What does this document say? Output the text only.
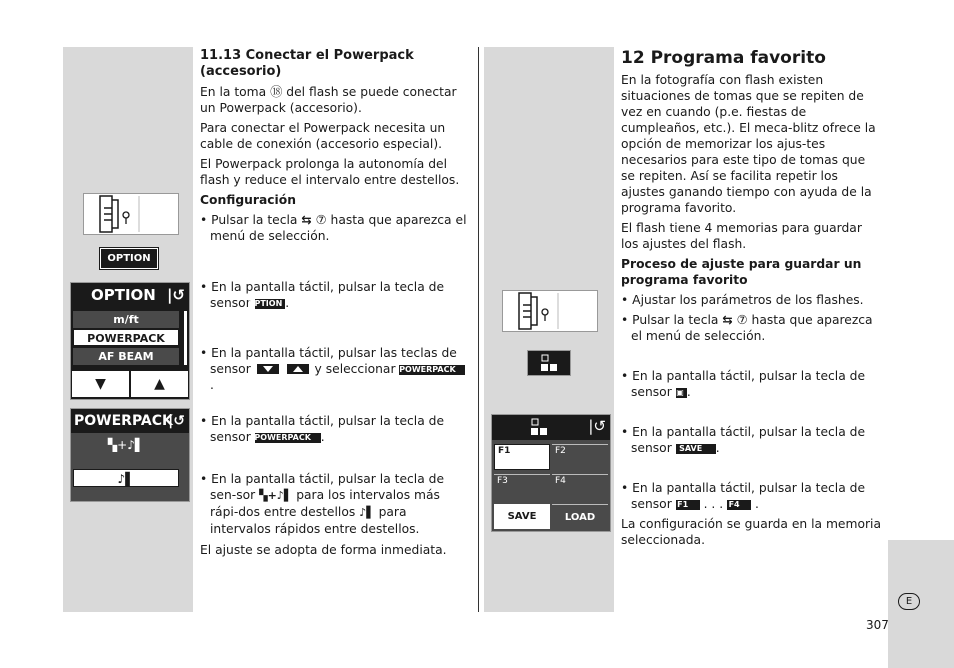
OPTION
OPTION |↺
m/ft
POWERPACK
AF BEAM
▼	▲
POWERPACK
|↺
▚+♪▌
♪▌
|↺
F1	F2
F3	F4
SAVE	LOAD

11.13 Conectar el Powerpack (accesorio)

En la toma ⑱ del flash se puede conectar un Powerpack (accesorio).

Para conectar el Powerpack necesita un cable de conexión (accesorio especial).

El Powerpack prolonga la autonomía del flash y reduce el intervalo entre destellos.

Configuración

• Pulsar la tecla ⇆ ⑦ hasta que aparezca el menú de selección.

• En la pantalla táctil, pulsar la tecla de sensor OPTION .

• En la pantalla táctil, pulsar las teclas de sensor
	y seleccionar POWERPACK
.

• En la pantalla táctil, pulsar la tecla de sensor POWERPACK .

• En la pantalla táctil, pulsar la tecla de sen-sor ▚+♪▌ para los intervalos más rápi-dos entre destellos ♪▌ para intervalos rápidos entre destellos.

El ajuste se adopta de forma inmediata.

12 Programa favorito

En la fotografía con flash existen situaciones de tomas que se repiten de vez en cuando (p.e. fiestas de cumpleaños, etc.). El meca-blitz ofrece la opción de memorizar los ajus-tes necesarios para este tipo de tomas que se repiten. Así se facilita repetir los ajustes ganando tiempo con ayuda de la programa favorito.

El flash tiene 4 memorias para guardar los ajustes del flash.

Proceso de ajuste para guardar un programa favorito

• Ajustar los parámetros de los flashes.

• Pulsar la tecla ⇆ ⑦ hasta que aparezca el menú de selección.

• En la pantalla táctil, pulsar la tecla de sensor ▣▣ .

• En la pantalla táctil, pulsar la tecla de sensor SAVE .

• En la pantalla táctil, pulsar la tecla de sensor F1 . . . F4 .

La configuración se guarda en la memoria seleccionada.

E
307
